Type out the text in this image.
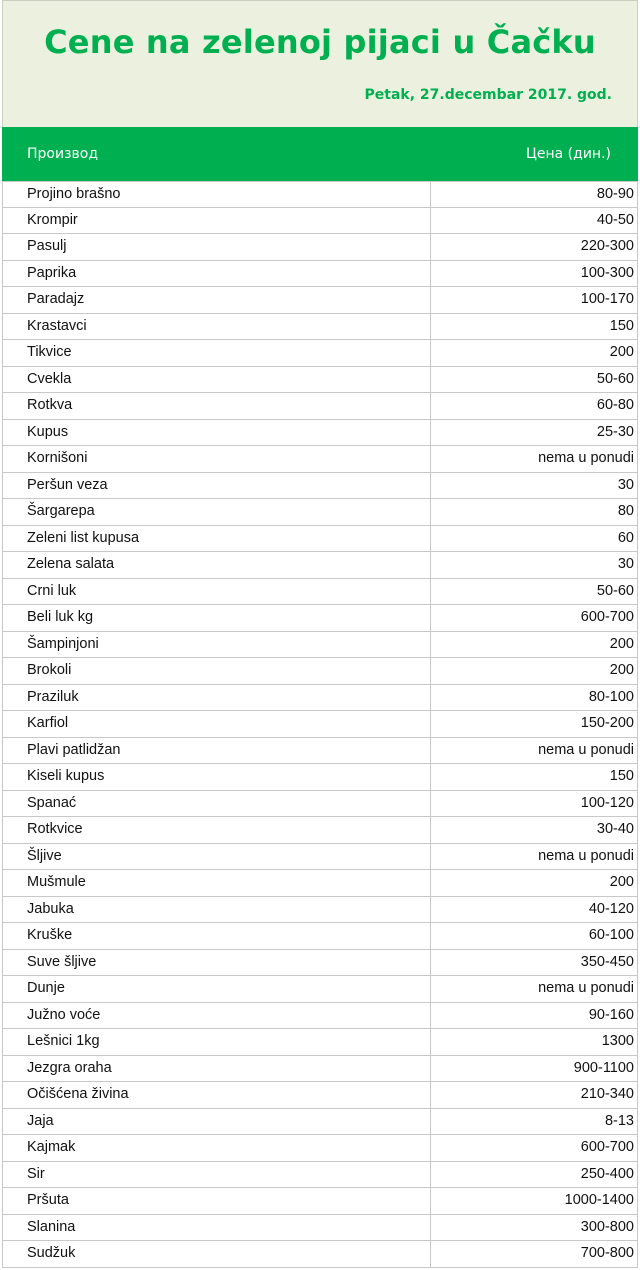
Cene na zelenoj pijaci u Čačku
Petak, 27.decembar 2017. god.
Производ	Цена (дин.)
Projino brašno	80-90
Krompir	40-50
Pasulj	220-300
Paprika	100-300
Paradajz	100-170
Krastavci	150
Tikvice	200
Cvekla	50-60
Rotkva	60-80
Kupus	25-30
Kornišoni	nema u ponudi
Peršun veza	30
Šargarepa	80
Zeleni list kupusa	60
Zelena salata	30
Crni luk	50-60
Beli luk kg	600-700
Šampinjoni	200
Brokoli	200
Praziluk	80-100
Karfiol	150-200
Plavi patlidžan	nema u ponudi
Kiseli kupus	150
Spanać	100-120
Rotkvice	30-40
Šljive	nema u ponudi
Mušmule	200
Jabuka	40-120
Kruške	60-100
Suve šljive	350-450
Dunje	nema u ponudi
Južno voće	90-160
Lešnici 1kg	1300
Jezgra oraha	900-1100
Očišćena živina	210-340
Jaja	8-13
Kajmak	600-700
Sir	250-400
Pršuta	1000-1400
Slanina	300-800
Sudžuk	700-800
